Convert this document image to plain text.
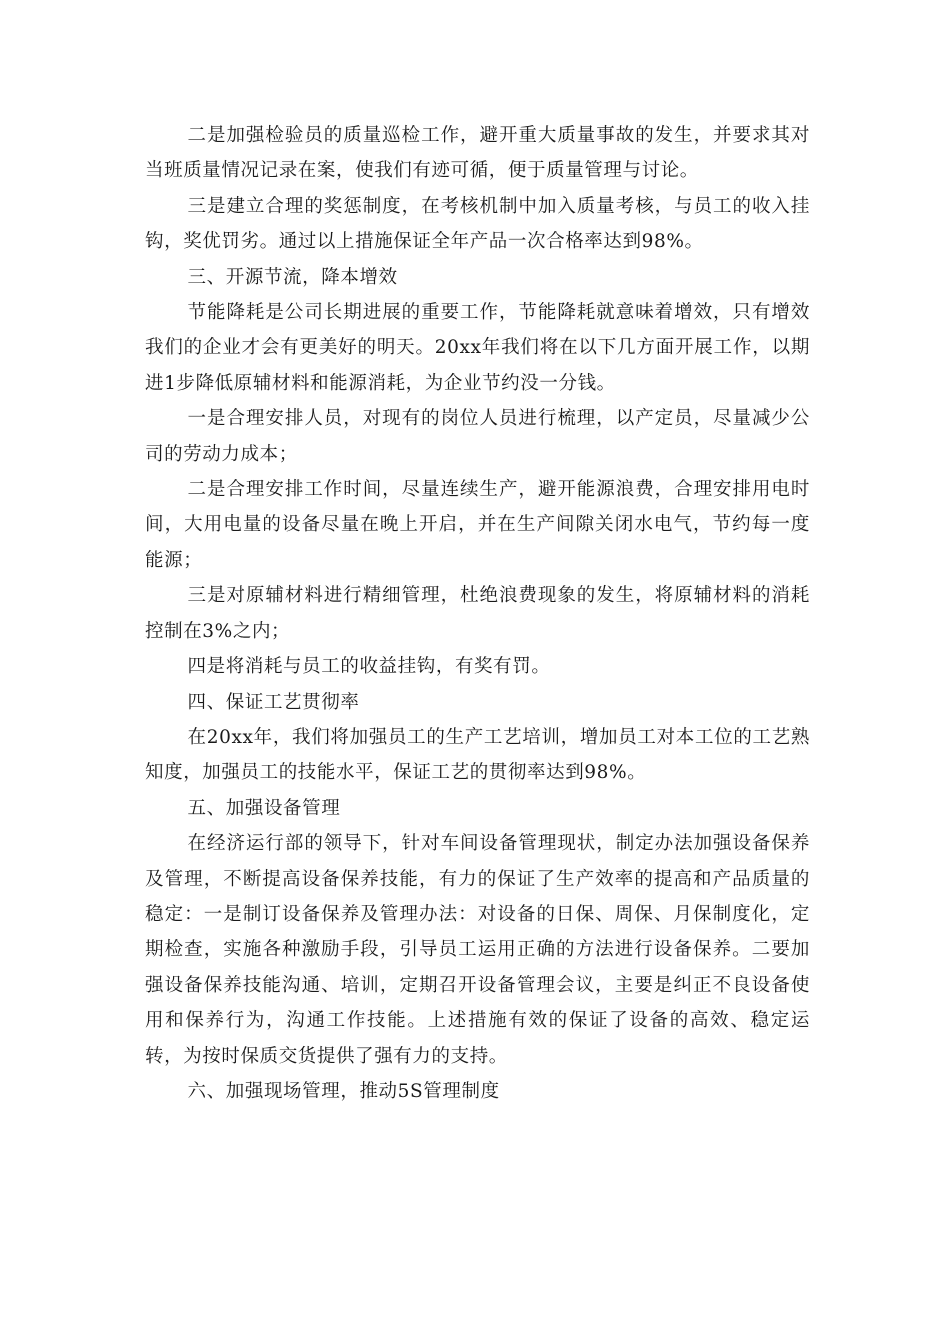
二是加强检验员的质量巡检工作，避开重大质量事故的发生，并要求其对当班质量情况记录在案，使我们有迹可循，便于质量管理与讨论。

三是建立合理的奖惩制度，在考核机制中加入质量考核，与员工的收入挂钩，奖优罚劣。通过以上措施保证全年产品一次合格率达到98%。

三、开源节流，降本增效

节能降耗是公司长期进展的重要工作，节能降耗就意味着增效，只有增效我们的企业才会有更美好的明天。20xx年我们将在以下几方面开展工作，以期进1步降低原辅材料和能源消耗，为企业节约没一分钱。

一是合理安排人员，对现有的岗位人员进行梳理，以产定员，尽量减少公司的劳动力成本；

二是合理安排工作时间，尽量连续生产，避开能源浪费，合理安排用电时间，大用电量的设备尽量在晚上开启，并在生产间隙关闭水电气，节约每一度能源；

三是对原辅材料进行精细管理，杜绝浪费现象的发生，将原辅材料的消耗控制在3%之内；

四是将消耗与员工的收益挂钩，有奖有罚。

四、保证工艺贯彻率

在20xx年，我们将加强员工的生产工艺培训，增加员工对本工位的工艺熟知度，加强员工的技能水平，保证工艺的贯彻率达到98%。

五、加强设备管理

在经济运行部的领导下，针对车间设备管理现状，制定办法加强设备保养及管理，不断提高设备保养技能，有力的保证了生产效率的提高和产品质量的稳定：一是制订设备保养及管理办法：对设备的日保、周保、月保制度化，定期检查，实施各种激励手段，引导员工运用正确的方法进行设备保养。二要加强设备保养技能沟通、培训，定期召开设备管理会议，主要是纠正不良设备使用和保养行为，沟通工作技能。上述措施有效的保证了设备的高效、稳定运转，为按时保质交货提供了强有力的支持。

六、加强现场管理，推动5S管理制度
